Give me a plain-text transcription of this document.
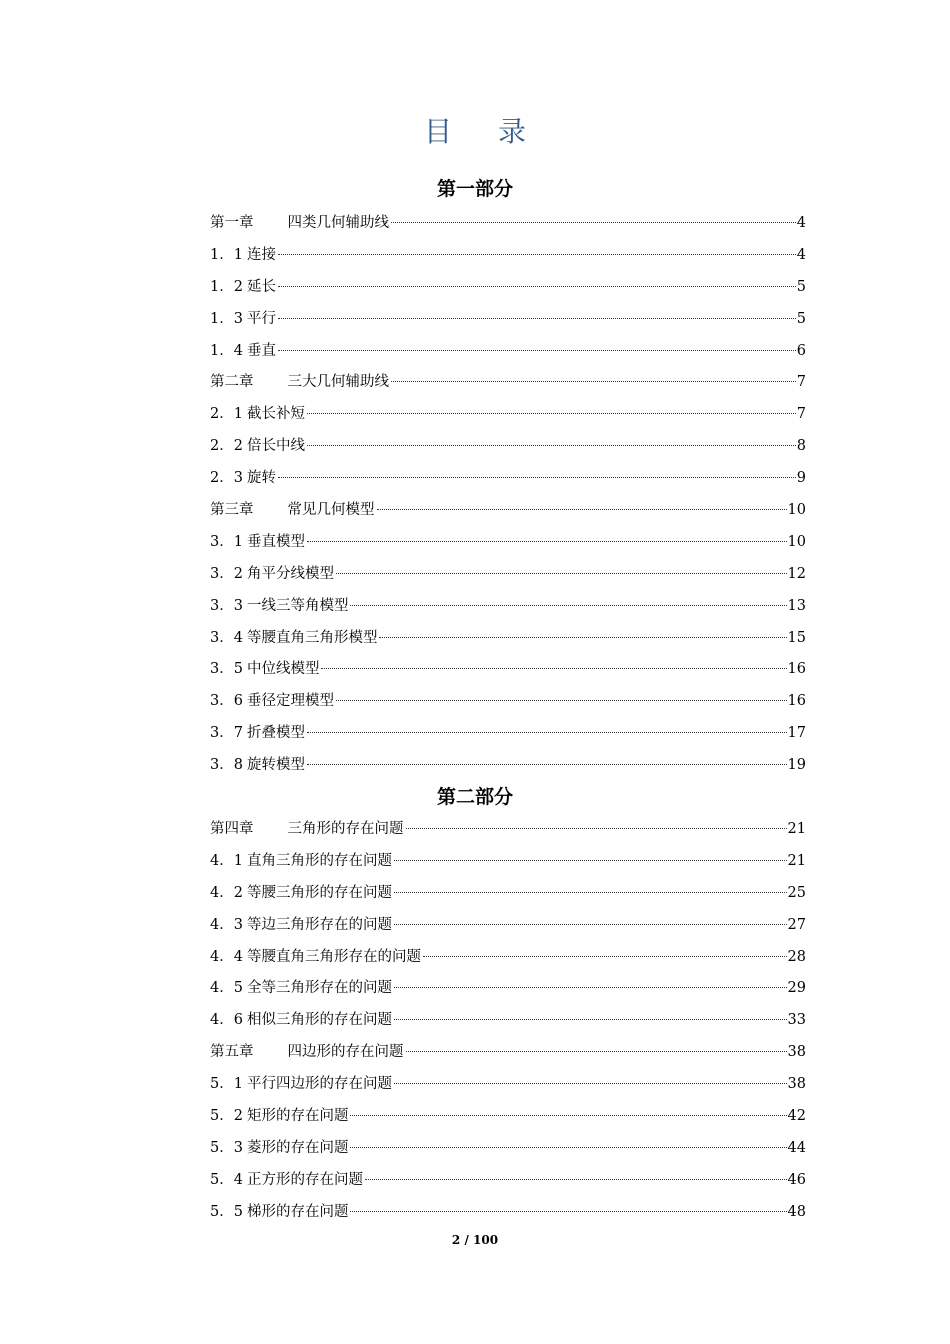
目 录
第一部分
第一章 四类几何辅助线	4
1．1 连接	4
1．2 延长	5
1．3 平行	5
1．4 垂直	6
第二章 三大几何辅助线	7
2．1 截长补短	7
2．2 倍长中线	8
2．3 旋转	9
第三章 常见几何模型	10
3．1 垂直模型	10
3．2 角平分线模型	12
3．3 一线三等角模型	13
3．4 等腰直角三角形模型	15
3．5 中位线模型	16
3．6 垂径定理模型	16
3．7 折叠模型	17
3．8 旋转模型	19
第二部分
第四章 三角形的存在问题	21
4．1 直角三角形的存在问题	21
4．2 等腰三角形的存在问题	25
4．3 等边三角形存在的问题	27
4．4 等腰直角三角形存在的问题	28
4．5 全等三角形存在的问题	29
4．6 相似三角形的存在问题	33
第五章 四边形的存在问题	38
5．1 平行四边形的存在问题	38
5．2 矩形的存在问题	42
5．3 菱形的存在问题	44
5．4 正方形的存在问题	46
5．5 梯形的存在问题	48
2 / 100
